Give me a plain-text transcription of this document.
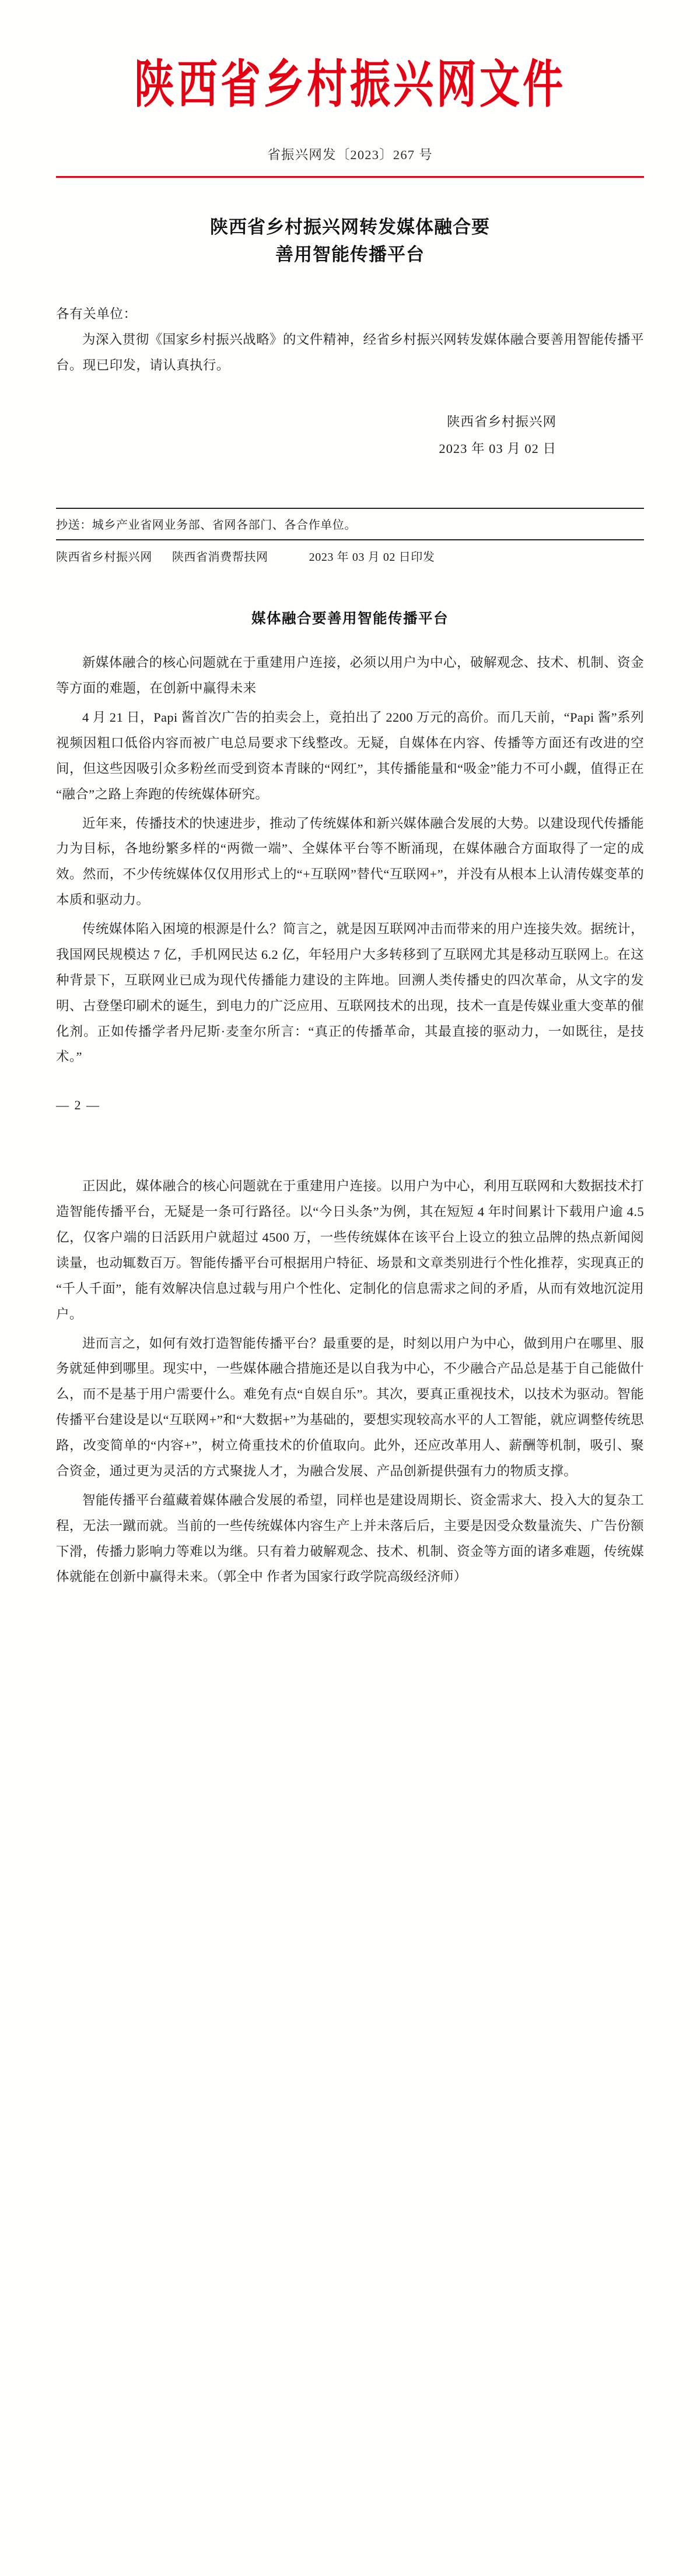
陕西省乡村振兴网文件
省振兴网发〔2023〕267 号
陕西省乡村振兴网转发媒体融合要
善用智能传播平台
各有关单位：

为深入贯彻《国家乡村振兴战略》的文件精神，经省乡村振兴网转发媒体融合要善用智能传播平台。现已印发，请认真执行。

陕西省乡村振兴网
2023 年 03 月 02 日
抄送：城乡产业省网业务部、省网各部门、各合作单位。
陕西省乡村振兴网 陕西省消费帮扶网	2023 年 03 月 02 日印发
媒体融合要善用智能传播平台

新媒体融合的核心问题就在于重建用户连接，必须以用户为中心，破解观念、技术、机制、资金等方面的难题，在创新中赢得未来

4 月 21 日，Papi 酱首次广告的拍卖会上，竟拍出了 2200 万元的高价。而几天前，“Papi 酱”系列视频因粗口低俗内容而被广电总局要求下线整改。无疑，自媒体在内容、传播等方面还有改进的空间，但这些因吸引众多粉丝而受到资本青睐的“网红”，其传播能量和“吸金”能力不可小觑，值得正在“融合”之路上奔跑的传统媒体研究。

近年来，传播技术的快速进步，推动了传统媒体和新兴媒体融合发展的大势。以建设现代传播能力为目标，各地纷繁多样的“两微一端”、全媒体平台等不断涌现，在媒体融合方面取得了一定的成效。然而，不少传统媒体仅仅用形式上的“+互联网”替代“互联网+”，并没有从根本上认清传媒变革的本质和驱动力。

传统媒体陷入困境的根源是什么？简言之，就是因互联网冲击而带来的用户连接失效。据统计，我国网民规模达 7 亿，手机网民达 6.2 亿，年轻用户大多转移到了互联网尤其是移动互联网上。在这种背景下，互联网业已成为现代传播能力建设的主阵地。回溯人类传播史的四次革命，从文字的发明、古登堡印刷术的诞生，到电力的广泛应用、互联网技术的出现，技术一直是传媒业重大变革的催化剂。正如传播学者丹尼斯·麦奎尔所言：“真正的传播革命，其最直接的驱动力，一如既往，是技术。”

— 2 —

正因此，媒体融合的核心问题就在于重建用户连接。以用户为中心，利用互联网和大数据技术打造智能传播平台，无疑是一条可行路径。以“今日头条”为例，其在短短 4 年时间累计下载用户逾 4.5 亿，仅客户端的日活跃用户就超过 4500 万，一些传统媒体在该平台上设立的独立品牌的热点新闻阅读量，也动辄数百万。智能传播平台可根据用户特征、场景和文章类别进行个性化推荐，实现真正的“千人千面”，能有效解决信息过载与用户个性化、定制化的信息需求之间的矛盾，从而有效地沉淀用户。

进而言之，如何有效打造智能传播平台？最重要的是，时刻以用户为中心，做到用户在哪里、服务就延伸到哪里。现实中，一些媒体融合措施还是以自我为中心，不少融合产品总是基于自己能做什么，而不是基于用户需要什么。难免有点“自娱自乐”。其次，要真正重视技术，以技术为驱动。智能传播平台建设是以“互联网+”和“大数据+”为基础的，要想实现较高水平的人工智能，就应调整传统思路，改变简单的“内容+”，树立倚重技术的价值取向。此外，还应改革用人、薪酬等机制，吸引、聚合资金，通过更为灵活的方式聚拢人才，为融合发展、产品创新提供强有力的物质支撑。

智能传播平台蕴藏着媒体融合发展的希望，同样也是建设周期长、资金需求大、投入大的复杂工程，无法一蹴而就。当前的一些传统媒体内容生产上并未落后后，主要是因受众数量流失、广告份额下滑，传播力影响力等难以为继。只有着力破解观念、技术、机制、资金等方面的诸多难题，传统媒体就能在创新中赢得未来。（郭全中 作者为国家行政学院高级经济师）
